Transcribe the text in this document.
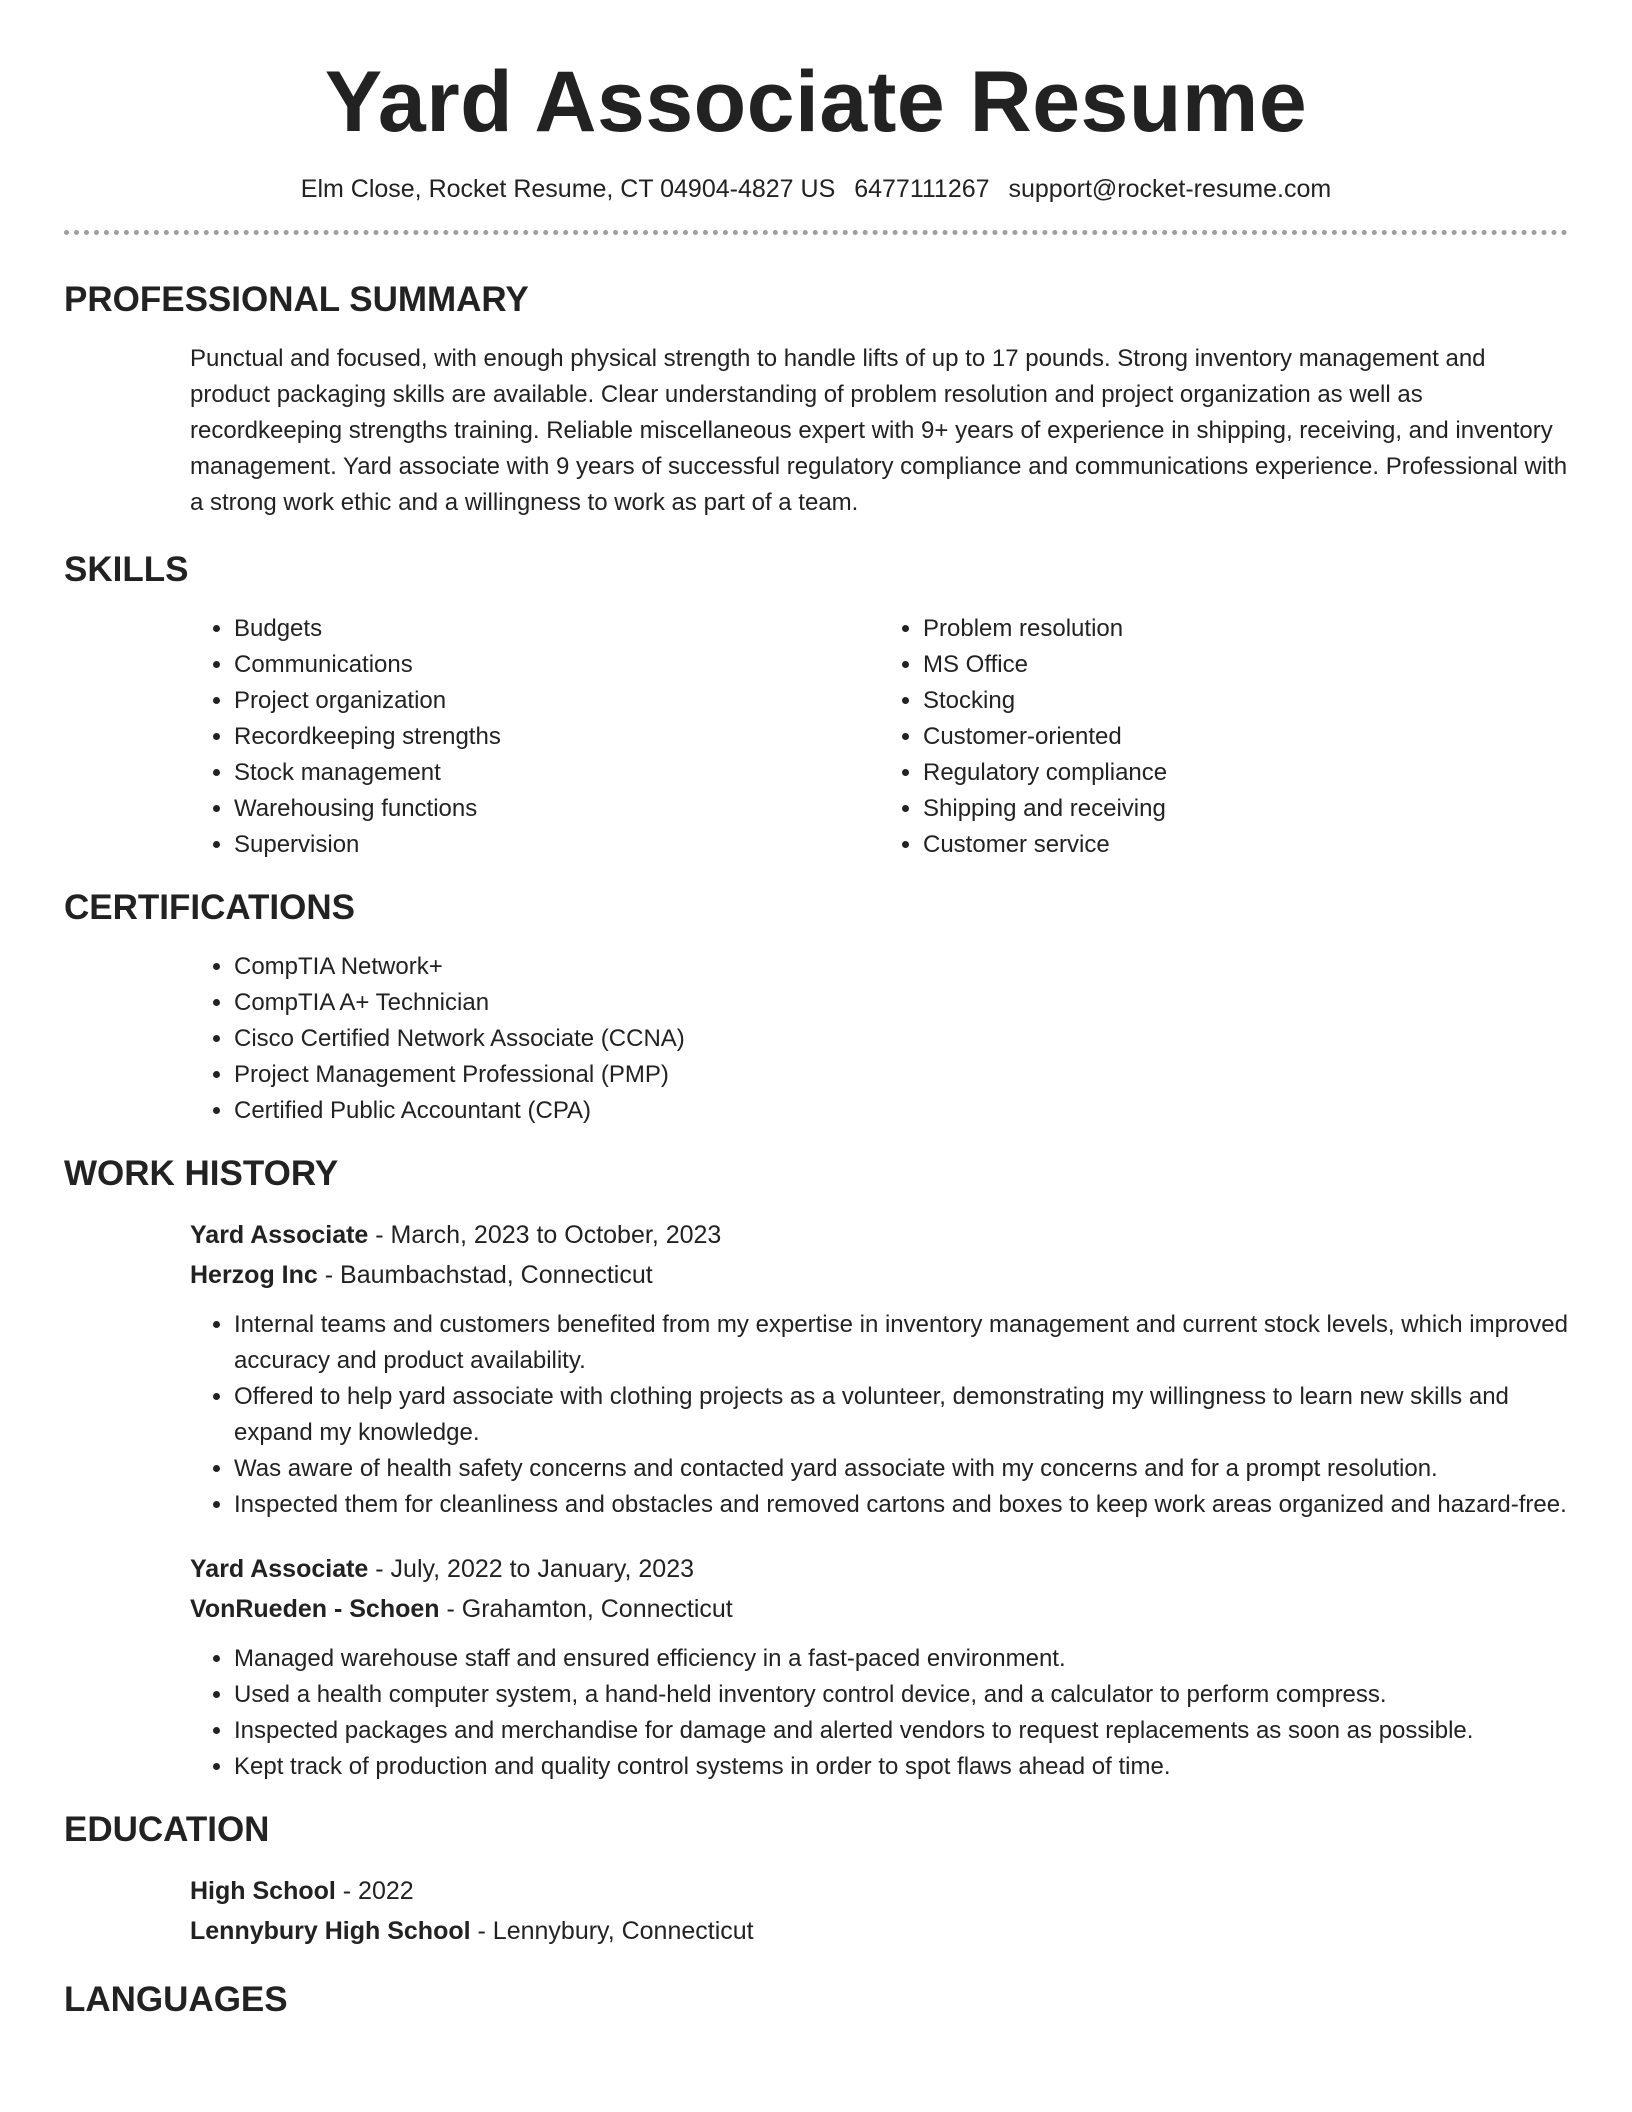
Yard Associate Resume
Elm Close, Rocket Resume, CT 04904-4827 US 6477111267 support@rocket-resume.com
PROFESSIONAL SUMMARY

Punctual and focused, with enough physical strength to handle lifts of up to 17 pounds. Strong inventory management and product packaging skills are available. Clear understanding of problem resolution and project organization as well as recordkeeping strengths training. Reliable miscellaneous expert with 9+ years of experience in shipping, receiving, and inventory management. Yard associate with 9 years of successful regulatory compliance and communications experience. Professional with a strong work ethic and a willingness to work as part of a team.

SKILLS
• Budgets
• Communications
• Project organization
• Recordkeeping strengths
• Stock management
• Warehousing functions
• Supervision
• Problem resolution
• MS Office
• Stocking
• Customer-oriented
• Regulatory compliance
• Shipping and receiving
• Customer service
CERTIFICATIONS
• CompTIA Network+
• CompTIA A+ Technician
• Cisco Certified Network Associate (CCNA)
• Project Management Professional (PMP)
• Certified Public Accountant (CPA)
WORK HISTORY
Yard Associate - March, 2023 to October, 2023
Herzog Inc - Baumbachstad, Connecticut
• Internal teams and customers benefited from my expertise in inventory management and current stock levels, which improved accuracy and product availability.
• Offered to help yard associate with clothing projects as a volunteer, demonstrating my willingness to learn new skills and expand my knowledge.
• Was aware of health safety concerns and contacted yard associate with my concerns and for a prompt resolution.
• Inspected them for cleanliness and obstacles and removed cartons and boxes to keep work areas organized and hazard-free.
Yard Associate - July, 2022 to January, 2023
VonRueden - Schoen - Grahamton, Connecticut
• Managed warehouse staff and ensured efficiency in a fast-paced environment.
• Used a health computer system, a hand-held inventory control device, and a calculator to perform compress.
• Inspected packages and merchandise for damage and alerted vendors to request replacements as soon as possible.
• Kept track of production and quality control systems in order to spot flaws ahead of time.
EDUCATION
High School - 2022
Lennybury High School - Lennybury, Connecticut
LANGUAGES
